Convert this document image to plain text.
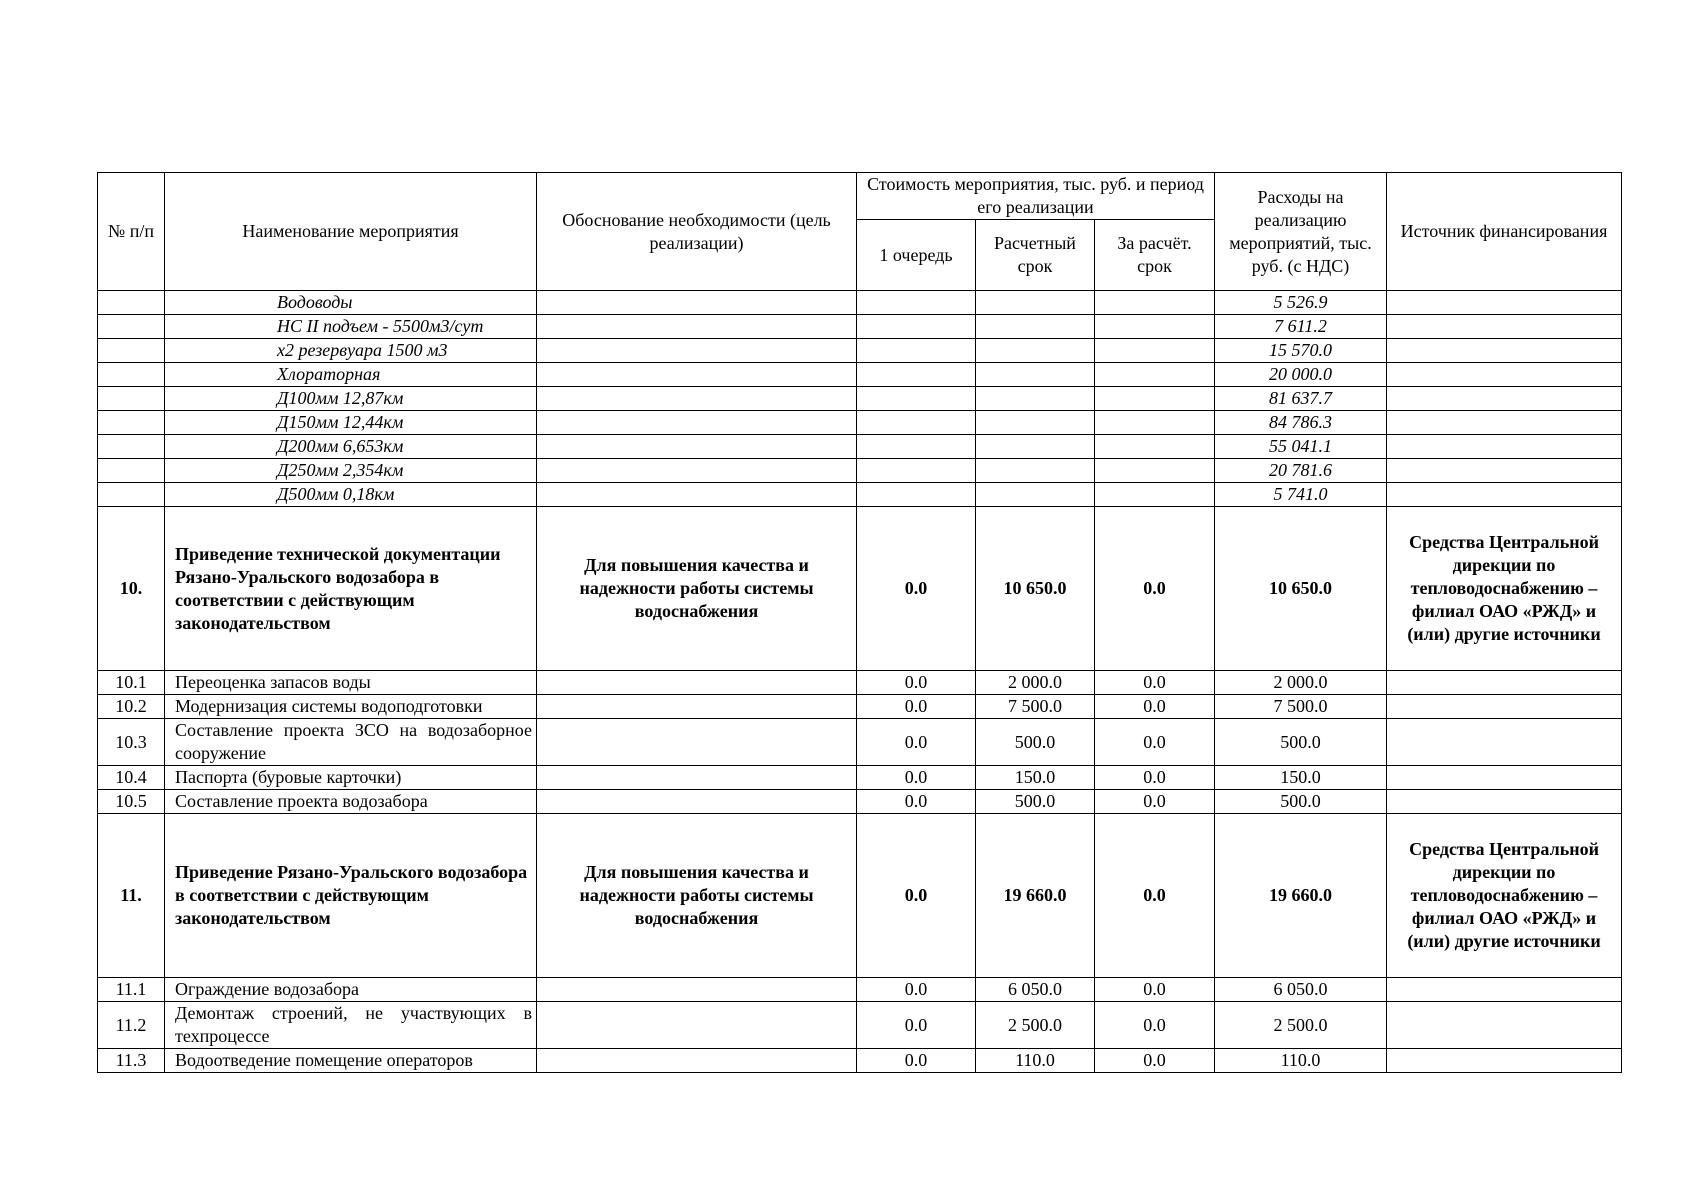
№ п/п	Наименование мероприятия	Обоснование необходимости (цель реализации)	Стоимость мероприятия, тыс. руб. и период его реализации			Расходы на реализацию мероприятий, тыс. руб. (с НДС)	Источник финансирования
			1 очередь	Расчетный срок	За расчёт. срок		
	Водоводы					5 526.9	
	НС II подъем - 5500м3/сут					7 611.2	
	х2 резервуара 1500 м3					15 570.0	
	Хлораторная					20 000.0	
	Д100мм 12,87км					81 637.7	
	Д150мм 12,44км					84 786.3	
	Д200мм 6,653км					55 041.1	
	Д250мм 2,354км					20 781.6	
	Д500мм 0,18км					5 741.0	
10.	Приведение технической документации Рязано-Уральского водозабора в соответствии с действующим законодательством	Для повышения качества и надежности работы системы водоснабжения	0.0	10 650.0	0.0	10 650.0	Средства Центральной дирекции по тепловодоснабжению – филиал ОАО «РЖД» и (или) другие источники
10.1	Переоценка запасов воды		0.0	2 000.0	0.0	2 000.0	
10.2	Модернизация системы водоподготовки		0.0	7 500.0	0.0	7 500.0	
10.3	Составление проекта ЗСО на водозаборное сооружение		0.0	500.0	0.0	500.0	
10.4	Паспорта (буровые карточки)		0.0	150.0	0.0	150.0	
10.5	Составление проекта водозабора		0.0	500.0	0.0	500.0	
11.	Приведение Рязано-Уральского водозабора в соответствии с действующим законодательством	Для повышения качества и надежности работы системы водоснабжения	0.0	19 660.0	0.0	19 660.0	Средства Центральной дирекции по тепловодоснабжению – филиал ОАО «РЖД» и (или) другие источники
11.1	Ограждение водозабора		0.0	6 050.0	0.0	6 050.0	
11.2	Демонтаж строений, не участвующих в техпроцессе		0.0	2 500.0	0.0	2 500.0	
11.3	Водоотведение помещение операторов		0.0	110.0	0.0	110.0	
